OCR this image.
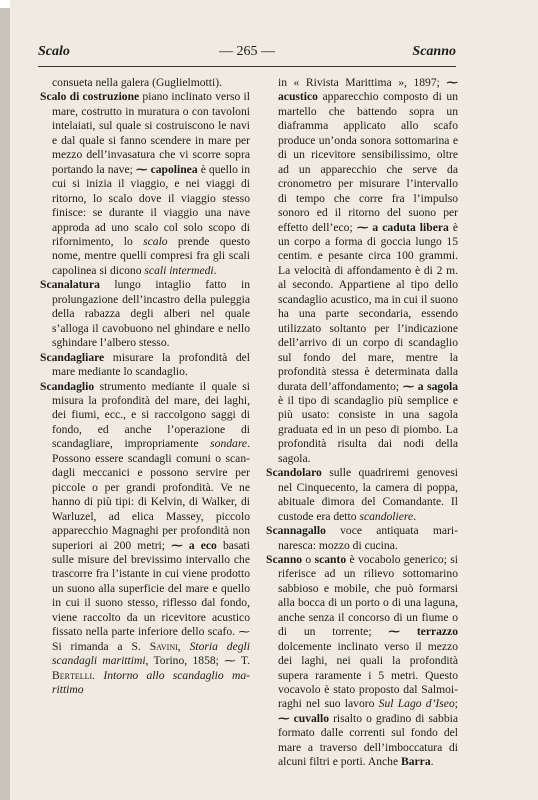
Scalo	— 265 —	Scanno

consueta nella galera (Guglielmotti).

Scalo di costruzione piano inclinato verso il mare, costrutto in muratura o con tavoloni intelaiati, sul quale si costruiscono le navi e dal quale si fanno scendere in mare per mezzo dell’invasatura che vi scorre sopra portando la nave; ⁓ capolinea è quello in cui si inizia il viaggio, e nei viaggi di ritorno, lo scalo dove il viaggio stesso finisce: se durante il viaggio una nave approda ad uno scalo col solo scopo di rifornimento, lo scalo prende questo nome, mentre quelli compresi fra gli scali capolinea si dicono scali intermedi.

Scanalatura lungo intaglio fatto in prolungazione dell’incastro della puleggia della rabazza degli alberi nel quale s’alloga il cavobuono nel ghindare e nello sghindare l’albero stesso.

Scandagliare misurare la profondità del mare mediante lo scandaglio.

Scandaglio strumento mediante il quale si misura la profondità del mare, dei laghi, dei fiumi, ecc., e si raccolgono saggi di fondo, ed anche l’operazione di scandagliare, impropriamente sondare. Possono essere scandagli comuni o scandagli meccanici e possono servire per piccole o per grandi profondità. Ve ne hanno di più tipi: di Kelvin, di Walker, di Warluzel, ad elica Massey, piccolo apparecchio Magnaghi per profondità non superiori ai 200 metri; ⁓ a eco basati sulle misure del brevissimo intervallo che trascorre fra l’istante in cui viene prodotto un suono alla superficie del mare e quello in cui il suono stesso, riflesso dal fondo, viene raccolto da un ricevitore acustico fissato nella parte inferiore dello scafo. ⁓ Si rimanda a S. Savini, Storia degli scandagli marittimi, Torino, 1858; ⁓ T. Bertelli. Intorno allo scandaglio marittimo

in « Rivista Marittima », 1897; ⁓ acustico apparecchio composto di un martello che battendo sopra un diaframma applicato allo scafo produce un’onda sonora sottomarina e di un ricevitore sensibilissimo, oltre ad un apparecchio che serve da cronometro per misurare l’intervallo di tempo che corre fra l’impulso sonoro ed il ritorno del suono per effetto dell’eco; ⁓ a caduta libera è un corpo a forma di goccia lungo 15 centim. e pesante circa 100 grammi. La velocità di affondamento è di 2 m. al secondo. Appartiene al tipo dello scandaglio acustico, ma in cui il suono ha una parte secondaria, essendo utilizzato soltanto per l’indicazione dell’arrivo di un corpo di scandaglio sul fondo del mare, mentre la profondità stessa è determinata dalla durata dell’affondamento; ⁓ a sagola è il tipo di scandaglio più semplice e più usato: consiste in una sagola graduata ed in un peso di piombo. La profondità risulta dai nodi della sagola.

Scandolaro sulle quadriremi genovesi nel Cinquecento, la camera di poppa, abituale dimora del Comandante. Il custode era detto scandoliere.

Scannagallo voce antiquata marinaresca: mozzo di cucina.

Scanno o scanto è vocabolo generico; si riferisce ad un rilievo sottomarino sabbioso e mobile, che può formarsi alla bocca di un porto o di una laguna, anche senza il concorso di un fiume o di un torrente; ⁓ terrazzo dolcemente inclinato verso il mezzo dei laghi, nei quali la profondità supera raramente i 5 metri. Questo vocavolo è stato proposto dal Salmoiraghi nel suo lavoro Sul Lago d’Iseo; ⁓ cuvallo risalto o gradino di sabbia formato dalle correnti sul fondo del mare a traverso dell’imboccatura di alcuni filtri e porti. Anche Barra.
